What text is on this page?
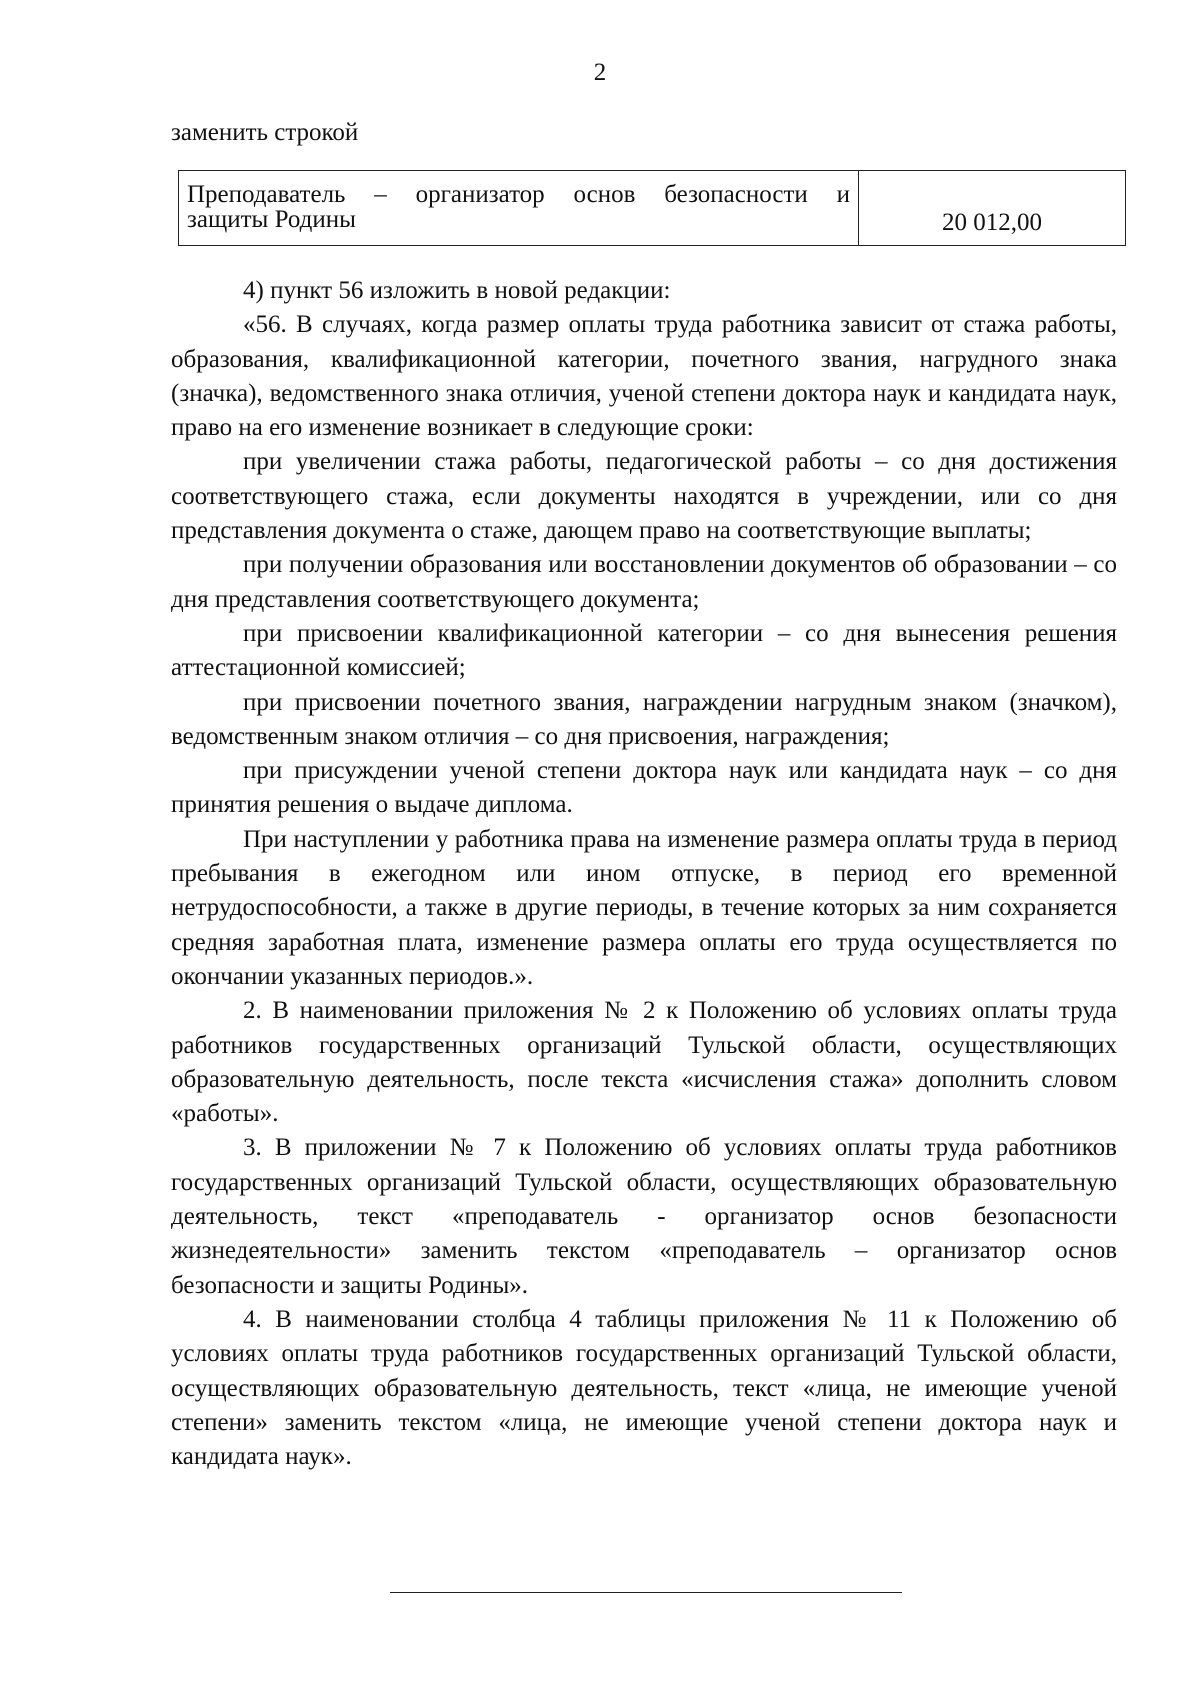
2

заменить строкой

Преподаватель – организатор основ безопасности и
защиты Родины	20 012,00

4) пункт 56 изложить в новой редакции:

«56. В случаях, когда размер оплаты труда работника зависит от стажа работы, образования, квалификационной категории, почетного звания, нагрудного знака (значка), ведомственного знака отличия, ученой степени доктора наук и кандидата наук, право на его изменение возникает в следующие сроки:

при увеличении стажа работы, педагогической работы – со дня достижения соответствующего стажа, если документы находятся в учреждении, или со дня представления документа о стаже, дающем право на соответствующие выплаты;

при получении образования или восстановлении документов об образовании – со дня представления соответствующего документа;

при присвоении квалификационной категории – со дня вынесения решения аттестационной комиссией;

при присвоении почетного звания, награждении нагрудным знаком (значком), ведомственным знаком отличия – со дня присвоения, награждения;

при присуждении ученой степени доктора наук или кандидата наук – со дня принятия решения о выдаче диплома.

При наступлении у работника права на изменение размера оплаты труда в период пребывания в ежегодном или ином отпуске, в период его временной нетрудоспособности, а также в другие периоды, в течение которых за ним сохраняется средняя заработная плата, изменение размера оплаты его труда осуществляется по окончании указанных периодов.».

2. В наименовании приложения № 2 к Положению об условиях оплаты труда работников государственных организаций Тульской области, осуществляющих образовательную деятельность, после текста «исчисления стажа» дополнить словом «работы».

3. В приложении № 7 к Положению об условиях оплаты труда работников государственных организаций Тульской области, осуществляющих образовательную деятельность, текст «преподаватель - организатор основ безопасности жизнедеятельности» заменить текстом «преподаватель – организатор основ безопасности и защиты Родины».

4. В наименовании столбца 4 таблицы приложения № 11 к Положению об условиях оплаты труда работников государственных организаций Тульской области, осуществляющих образовательную деятельность, текст «лица, не имеющие ученой степени» заменить текстом «лица, не имеющие ученой степени доктора наук и кандидата наук».
